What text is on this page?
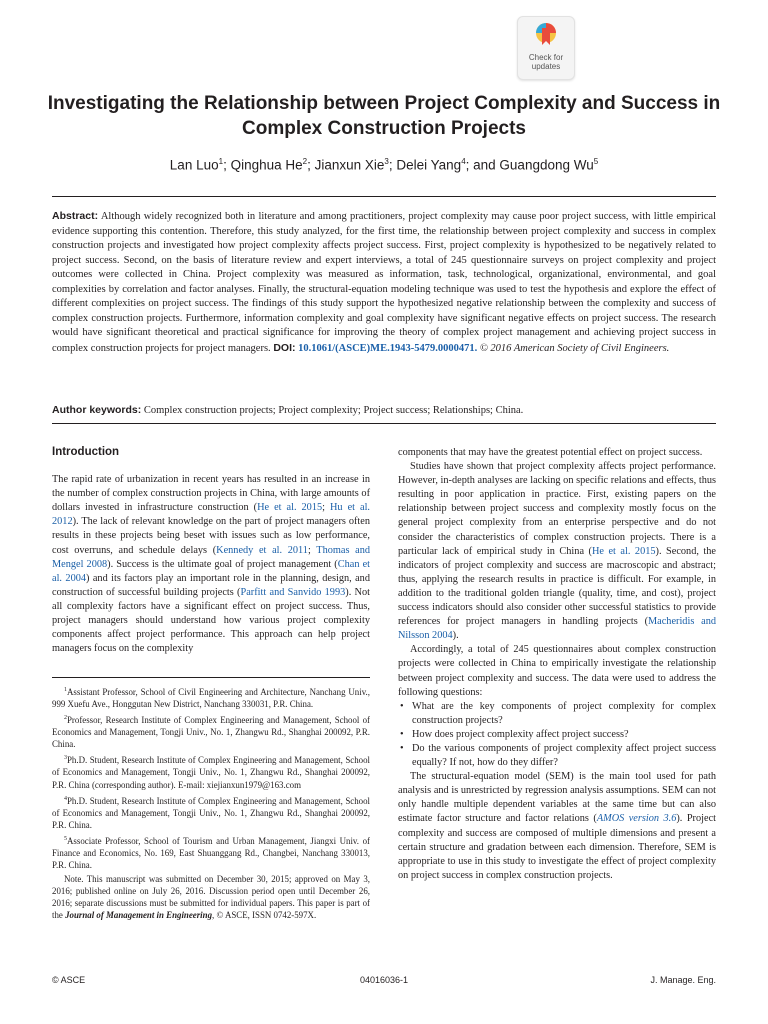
Check for
updates
Investigating the Relationship between Project Complexity and Success in Complex Construction Projects
Lan Luo$^1$; Qinghua He$^2$; Jianxun Xie$^3$; Delei Yang$^4$; and Guangdong Wu$^5$
Abstract: Although widely recognized both in literature and among practitioners, project complexity may cause poor project success, with little empirical evidence supporting this contention. Therefore, this study analyzed, for the first time, the relationship between project complexity and success in complex construction projects and investigated how project complexity affects project success. First, project complexity is hypothesized to be negatively related to project success. Second, on the basis of literature review and expert interviews, a total of 245 questionnaire surveys on project complexity and project outcomes were collected in China. Project complexity was measured as information, task, technological, organizational, environmental, and goal complexities by correlation and factor analyses. Finally, the structural-equation modeling technique was used to test the hypothesis and explore the effect of different complexities on project success. The findings of this study support the hypothesized negative relationship between the complexity and success of complex construction projects. Furthermore, information complexity and goal complexity have significant negative effects on project success. The research would have significant theoretical and practical significance for improving the theory of complex project management and achieving project success in complex construction projects for project managers. DOI: 10.1061/(ASCE)ME.1943-5479.0000471. © 2016 American Society of Civil Engineers.
Author keywords: Complex construction projects; Project complexity; Project success; Relationships; China.
Introduction

The rapid rate of urbanization in recent years has resulted in an increase in the number of complex construction projects in China, with large amounts of dollars invested in infrastructure construction (He et al. 2015; Hu et al. 2012). The lack of relevant knowledge on the part of project managers often results in these projects being beset with issues such as low performance, cost overruns, and schedule delays (Kennedy et al. 2011; Thomas and Mengel 2008). Success is the ultimate goal of project management (Chan et al. 2004) and its factors play an important role in the planning, design, and construction of successful building projects (Parfitt and Sanvido 1993). Not all complexity factors have a significant effect on project success. Thus, project managers should understand how various project complexity components affect project performance. This approach can help project managers focus on the complexity

$^1$Assistant Professor, School of Civil Engineering and Architecture, Nanchang Univ., 999 Xuefu Ave., Honggutan New District, Nanchang 330031, P.R. China.

$^2$Professor, Research Institute of Complex Engineering and Management, School of Economics and Management, Tongji Univ., No. 1, Zhangwu Rd., Shanghai 200092, P.R. China.

$^3$Ph.D. Student, Research Institute of Complex Engineering and Management, School of Economics and Management, Tongji Univ., No. 1, Zhangwu Rd., Shanghai 200092, P.R. China (corresponding author). E-mail: xiejianxun1979@163.com

$^4$Ph.D. Student, Research Institute of Complex Engineering and Management, School of Economics and Management, Tongji Univ., No. 1, Zhangwu Rd., Shanghai 200092, P.R. China.

$^5$Associate Professor, School of Tourism and Urban Management, Jiangxi Univ. of Finance and Economics, No. 169, East Shuanggang Rd., Changbei, Nanchang 330013, P.R. China.

Note. This manuscript was submitted on December 30, 2015; approved on May 3, 2016; published online on July 26, 2016. Discussion period open until December 26, 2016; separate discussions must be submitted for individual papers. This paper is part of the Journal of Management in Engineering, © ASCE, ISSN 0742-597X.

components that may have the greatest potential effect on project success.

Studies have shown that project complexity affects project performance. However, in-depth analyses are lacking on specific relations and effects, thus resulting in poor application in practice. First, existing papers on the relationship between project success and complexity mostly focus on the general project complexity from an enterprise perspective and do not consider the characteristics of complex construction projects. There is a particular lack of empirical study in China (He et al. 2015). Second, the indicators of project complexity and success are macroscopic and abstract; thus, applying the research results in practice is difficult. For example, in addition to the traditional golden triangle (quality, time, and cost), project success indicators should also consider other successful statistics to provide references for project managers in handling projects (Macheridis and Nilsson 2004).

Accordingly, a total of 245 questionnaires about complex construction projects were collected in China to empirically investigate the relationship between project complexity and success. The data were used to address the following questions:

• What are the key components of project complexity for complex construction projects?
• How does project complexity affect project success?
• Do the various components of project complexity affect project success equally? If not, how do they differ?

The structural-equation model (SEM) is the main tool used for path analysis and is unrestricted by regression analysis assumptions. SEM can not only handle multiple dependent variables at the same time but can also estimate factor structure and factor relations (AMOS version 3.6). Project complexity and success are composed of multiple dimensions and present a certain structure and gradation between each dimension. Therefore, SEM is appropriate to use in this study to investigate the effect of project complexity on project success in complex construction projects.

© ASCE	04016036-1	J. Manage. Eng.
